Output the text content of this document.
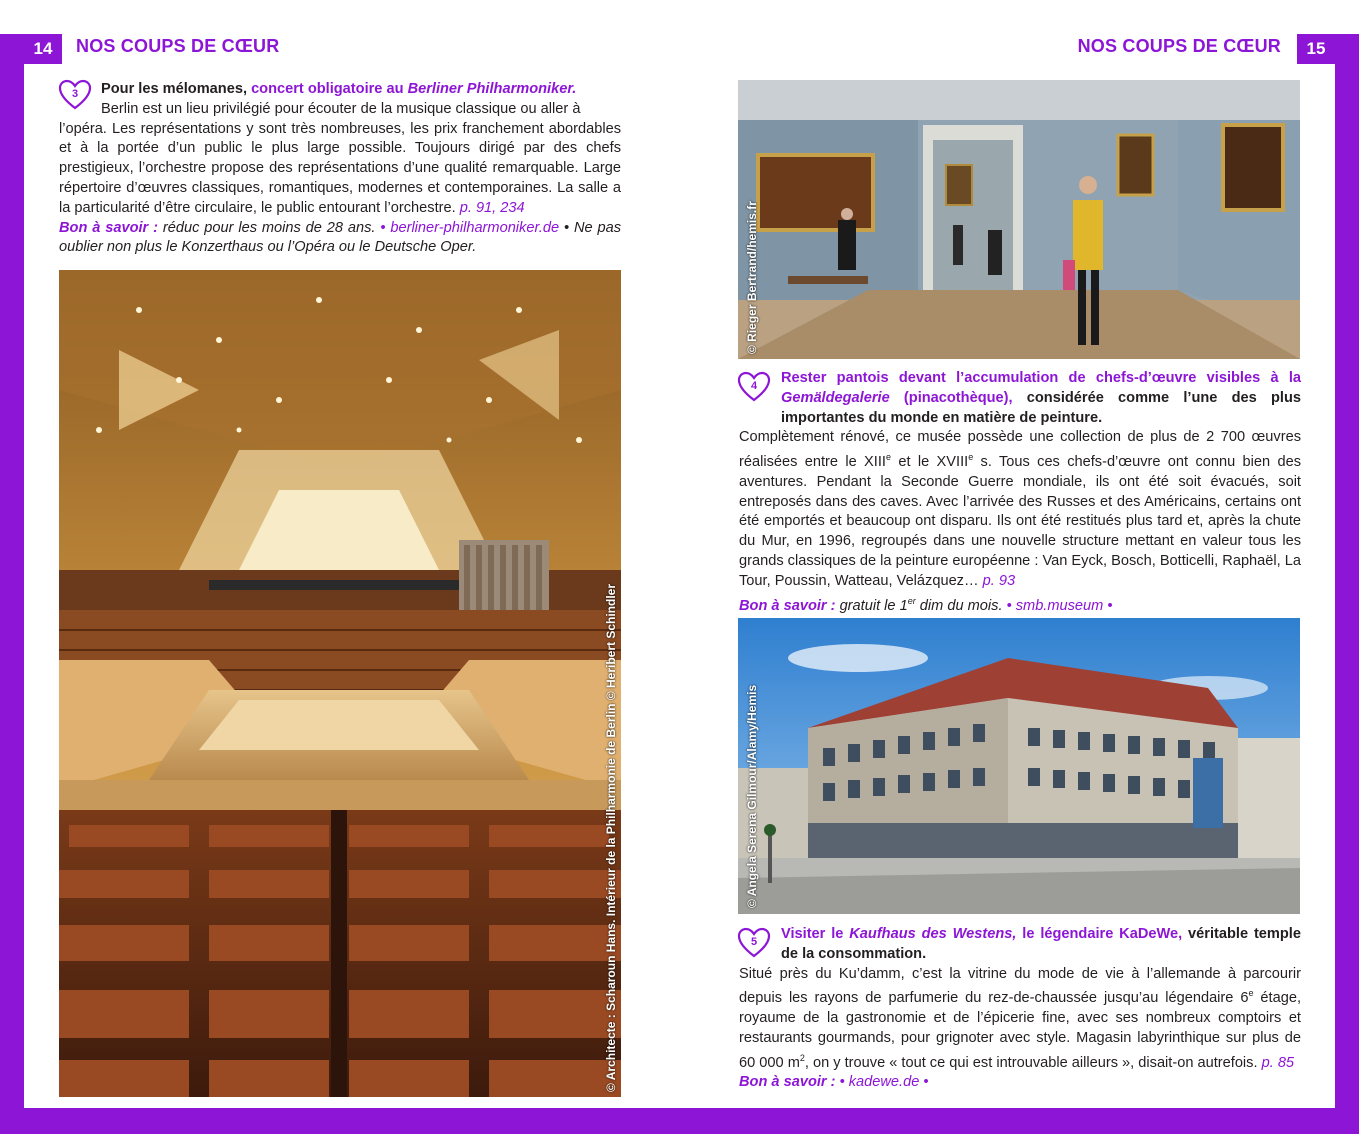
14	NOS COUPS DE CŒUR	15
NOS COUPS DE CŒUR
3	Pour les mélomanes, concert obligatoire au Berliner Philharmoniker.
Berlin est un lieu privilégié pour écouter de la musique classique ou aller à
l’opéra. Les représentations y sont très nombreuses, les prix franchement abordables et à la portée d’un public le plus large possible. Toujours dirigé par des chefs prestigieux, l’orchestre propose des représentations d’une qualité remarquable. Large répertoire d’œuvres classiques, romantiques, modernes et contemporaines. La salle a la particularité d’être circulaire, le public entourant l’orchestre. p. 91, 234
Bon à savoir : réduc pour les moins de 28 ans. • berliner-philharmoniker.de • Ne pas oublier non plus le Konzerthaus ou l’Opéra ou le Deutsche Oper.
© Architecte : Scharoun Hans. Intérieur de la Philharmonie de Berlin © Heribert Schindler
© Rieger Bertrand/hemis.fr
4	Rester pantois devant l’accumulation de chefs-d’œuvre visibles à la Gemäldegalerie (pinacothèque), considérée comme l’une des plus importantes du monde en matière de peinture.
Complètement rénové, ce musée possède une collection de plus de 2 700 œuvres réalisées entre le XIIIe et le XVIIIe s. Tous ces chefs-d’œuvre ont connu bien des aventures. Pendant la Seconde Guerre mondiale, ils ont été soit évacués, soit entreposés dans des caves. Avec l’arrivée des Russes et des Américains, certains ont été emportés et beaucoup ont disparu. Ils ont été restitués plus tard et, après la chute du Mur, en 1996, regroupés dans une nouvelle structure mettant en valeur tous les grands classiques de la peinture européenne : Van Eyck, Bosch, Botticelli, Raphaël, La Tour, Poussin, Watteau, Velázquez… p. 93
Bon à savoir : gratuit le 1er dim du mois. • smb.museum •
© Angela Serena Gilmour/Alamy/Hemis
5	Visiter le Kaufhaus des Westens, le légendaire KaDeWe, véritable temple de la consommation.
Situé près du Ku’damm, c’est la vitrine du mode de vie à l’allemande à parcourir depuis les rayons de parfumerie du rez-de-chaussée jusqu’au légendaire 6e étage, royaume de la gastronomie et de l’épicerie fine, avec ses nombreux comptoirs et restaurants gourmands, pour grignoter avec style. Magasin labyrinthique sur plus de 60 000 $m^2$, on y trouve « tout ce qui est introuvable ailleurs », disait-on autrefois. p. 85
Bon à savoir : • kadewe.de •
